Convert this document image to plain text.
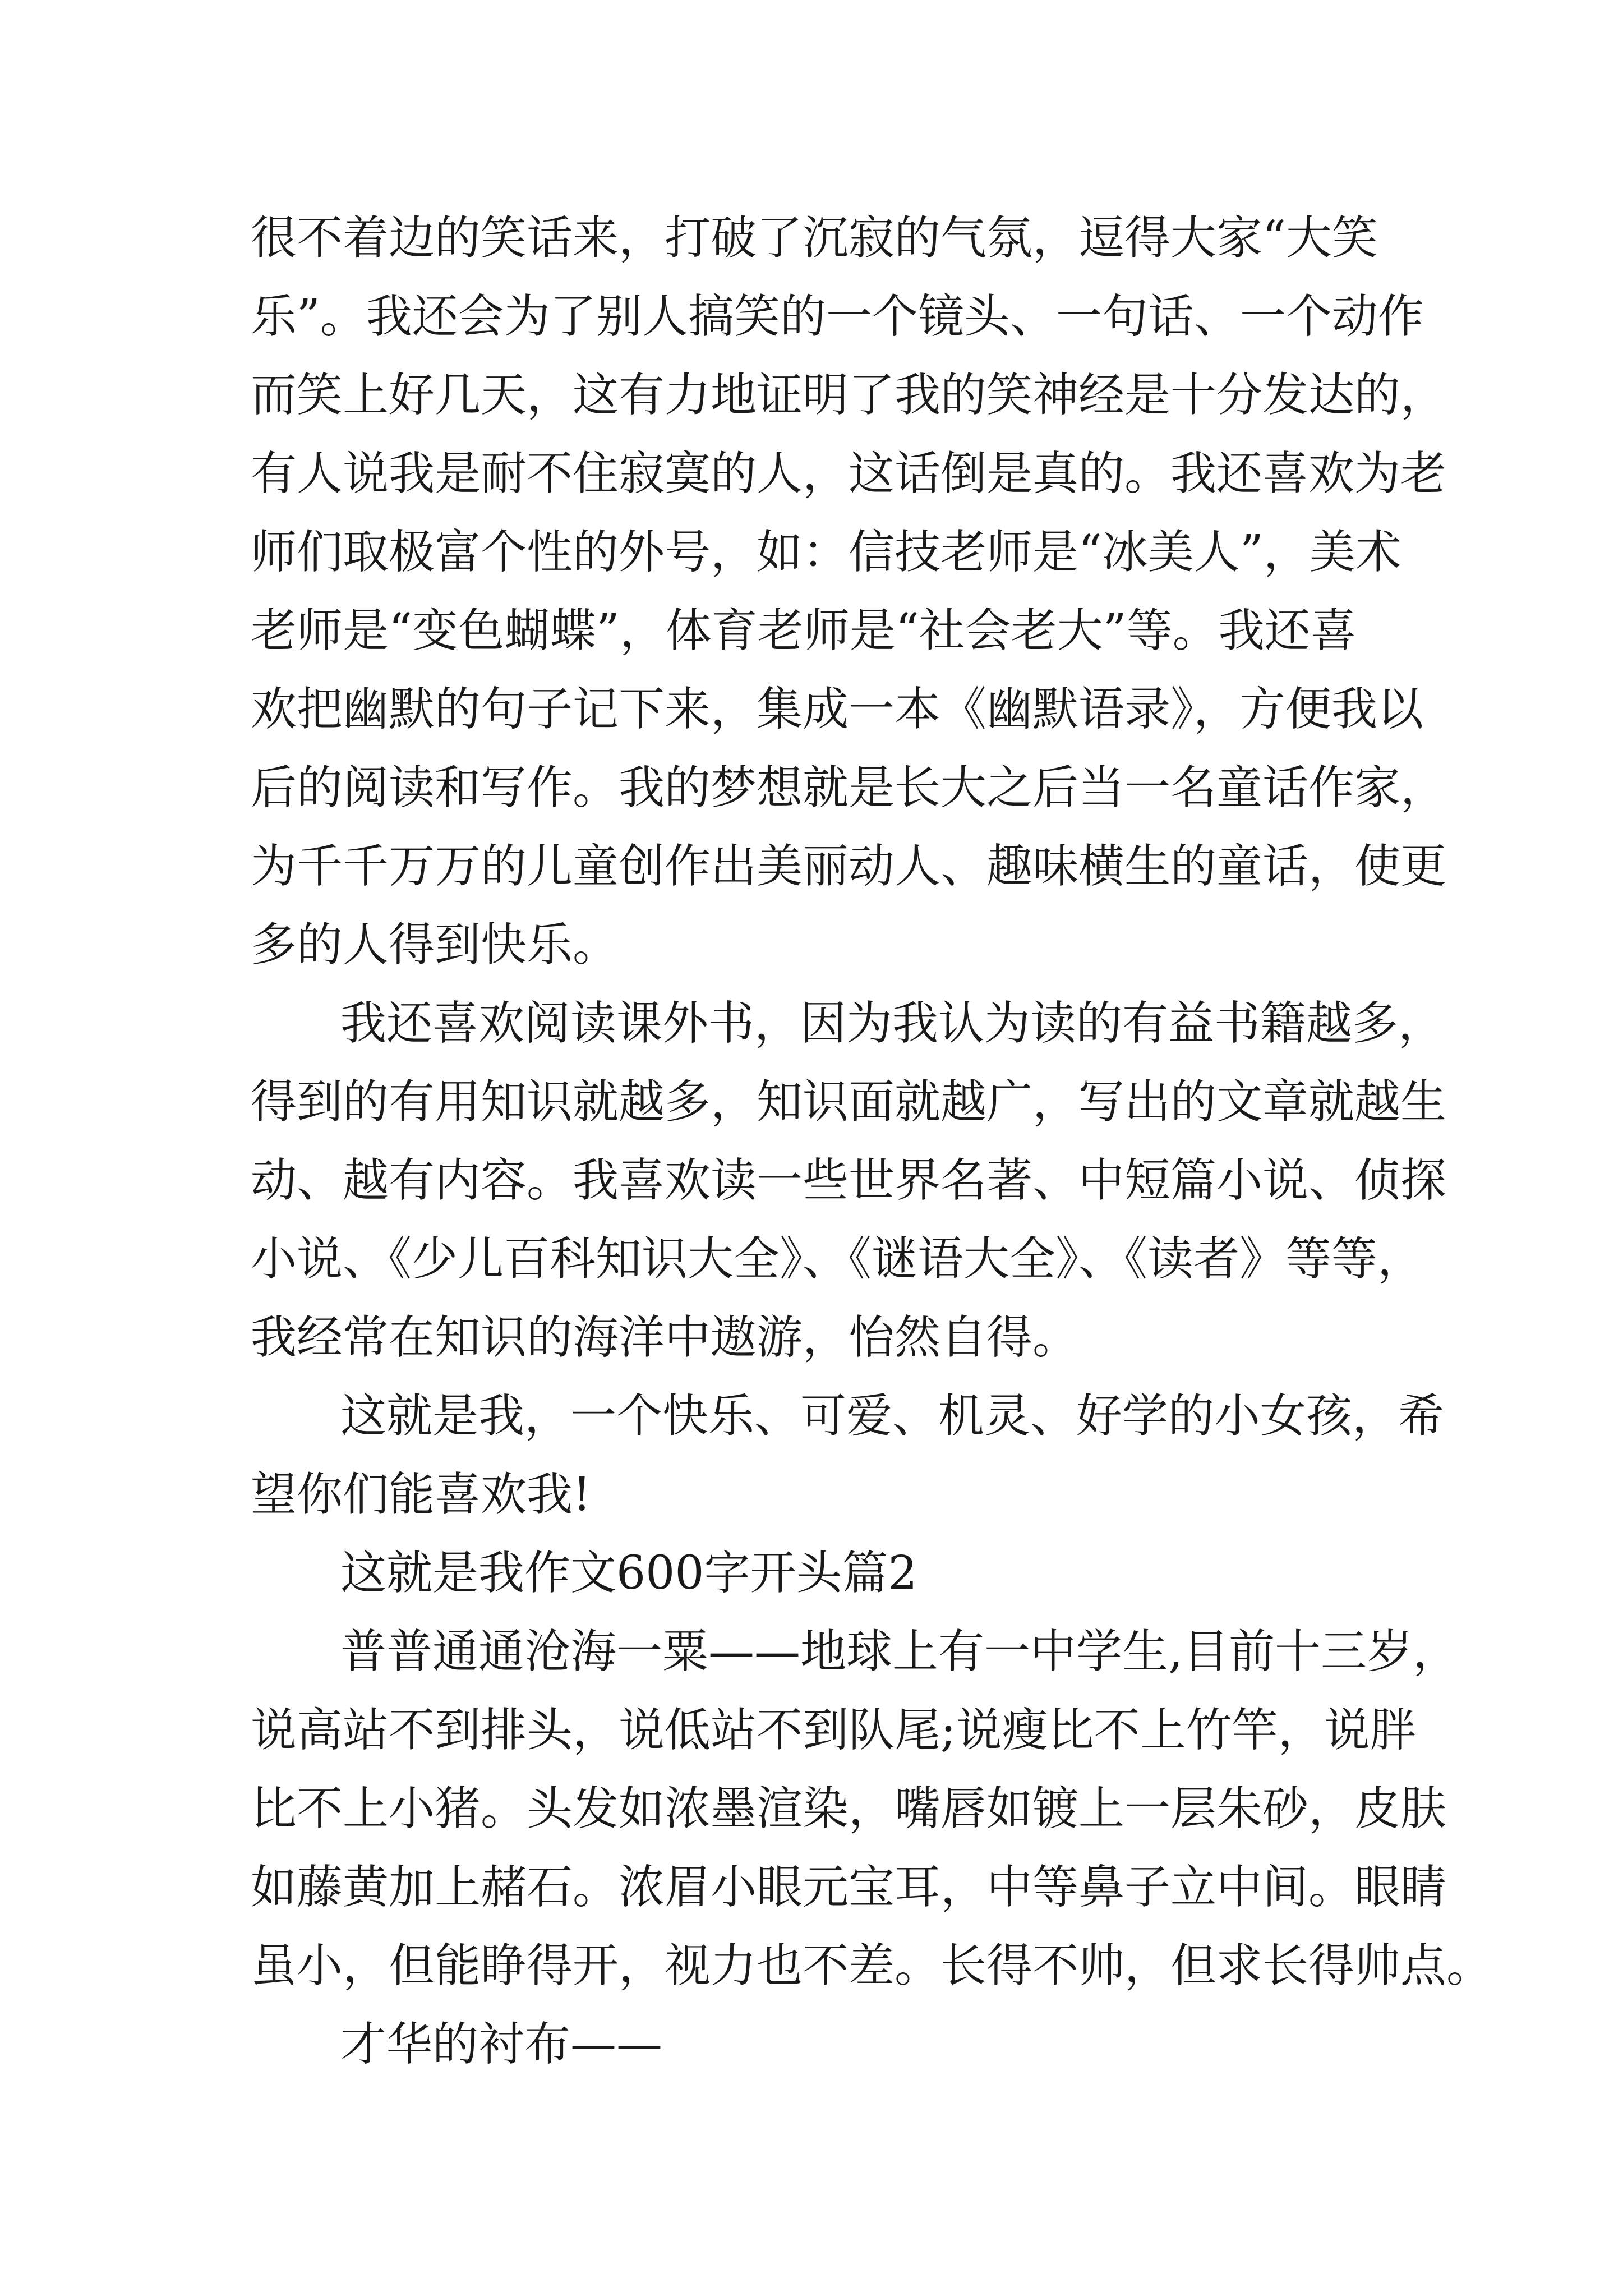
很不着边的笑话来，打破了沉寂的气氛，逗得大家“大笑
乐”。我还会为了别人搞笑的一个镜头、一句话、一个动作
而笑上好几天，这有力地证明了我的笑神经是十分发达的，
有人说我是耐不住寂寞的人，这话倒是真的。我还喜欢为老
师们取极富个性的外号，如：信技老师是“冰美人”，美术
老师是“变色蝴蝶”，体育老师是“社会老大”等。我还喜
欢把幽默的句子记下来，集成一本《幽默语录》，方便我以
后的阅读和写作。我的梦想就是长大之后当一名童话作家，
为千千万万的儿童创作出美丽动人、趣味横生的童话，使更
多的人得到快乐。
我还喜欢阅读课外书，因为我认为读的有益书籍越多，
得到的有用知识就越多，知识面就越广，写出的文章就越生
动、越有内容。我喜欢读一些世界名著、中短篇小说、侦探
小说、《少儿百科知识大全》、《谜语大全》、《读者》等等，
我经常在知识的海洋中遨游，怡然自得。
这就是我，一个快乐、可爱、机灵、好学的小女孩，希
望你们能喜欢我!
这就是我作文600字开头篇2
普普通通沧海一粟——地球上有一中学生,目前十三岁，
说高站不到排头，说低站不到队尾;说瘦比不上竹竿，说胖
比不上小猪。头发如浓墨渲染，嘴唇如镀上一层朱砂，皮肤
如藤黄加上赭石。浓眉小眼元宝耳，中等鼻子立中间。眼睛
虽小，但能睁得开，视力也不差。长得不帅，但求长得帅点。
才华的衬布——
